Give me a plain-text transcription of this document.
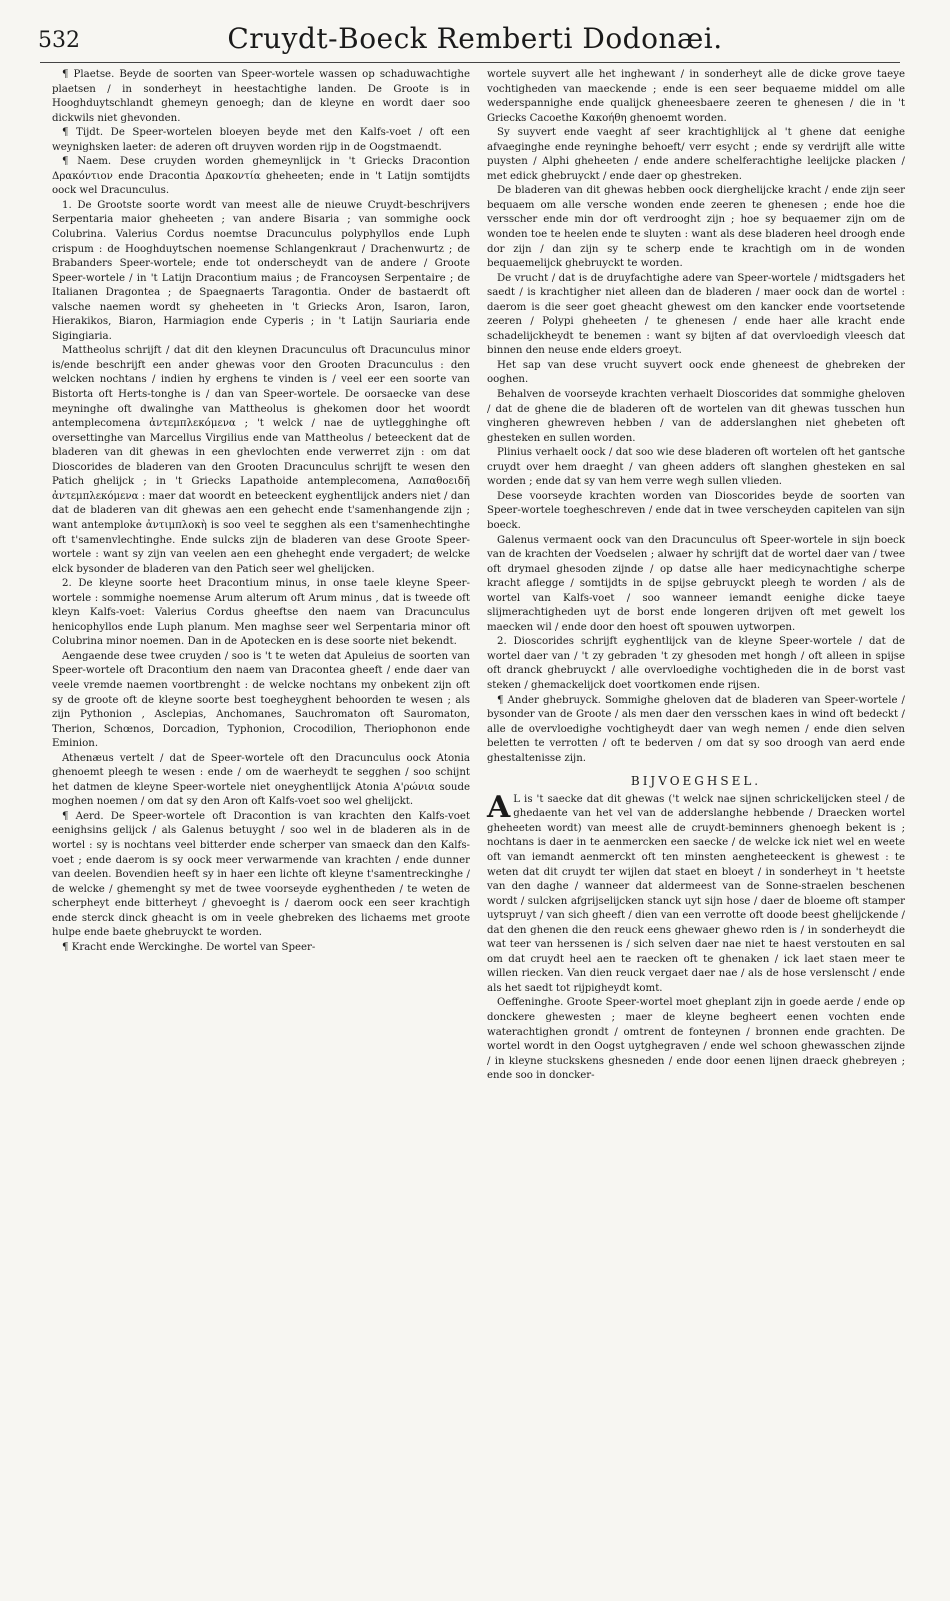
532	Cruydt-Boeck Remberti Dodonæi.

¶ Plaetse. Beyde de soorten van Speer-wortele wassen op schaduwachtighe plaetsen / in sonderheyt in heestachtighe landen. De Groote is in Hooghduytschlandt ghemeyn genoegh; dan de kleyne en wordt daer soo dickwils niet ghevonden.

¶ Tijdt. De Speer-wortelen bloeyen beyde met den Kalfs-voet / oft een weynighsken laeter: de aderen oft druyven worden rijp in de Oogstmaendt.

¶ Naem. Dese cruyden worden ghemeynlijck in 't Griecks Dracontion Δρακόντιον ende Dracontia Δρακοντία gheheeten; ende in 't Latijn somtijdts oock wel Dracunculus.

1. De Grootste soorte wordt van meest alle de nieuwe Cruydt-beschrijvers Serpentaria maior gheheeten ; van andere Bisaria ; van sommighe oock Colubrina. Valerius Cordus noemtse Dracunculus polyphyllos ende Luph crispum : de Hooghduytschen noemense Schlangenkraut / Drachenwurtz ; de Brabanders Speer-wortele; ende tot onderscheydt van de andere / Groote Speer-wortele / in 't Latijn Dracontium maius ; de Francoysen Serpentaire ; de Italianen Dragontea ; de Spaegnaerts Taragontia. Onder de bastaerdt oft valsche naemen wordt sy gheheeten in 't Griecks Aron, Isaron, Iaron, Hierakikos, Biaron, Harmiagion ende Cyperis ; in 't Latijn Sauriaria ende Sigingiaria.

Mattheolus schrijft / dat dit den kleynen Dracunculus oft Dracunculus minor is/ende beschrijft een ander ghewas voor den Grooten Dracunculus : den welcken nochtans / indien hy erghens te vinden is / veel eer een soorte van Bistorta oft Herts-tonghe is / dan van Speer-wortele. De oorsaecke van dese meyninghe oft dwalinghe van Mattheolus is ghekomen door het woordt antemplecomena ἀντεμπλεκόμενα ; 't welck / nae de uytlegghinghe oft oversettinghe van Marcellus Virgilius ende van Mattheolus / beteeckent dat de bladeren van dit ghewas in een ghevlochten ende verwerret zijn : om dat Dioscorides de bladeren van den Grooten Dracunculus schrijft te wesen den Patich ghelijck ; in 't Griecks Lapathoide antemplecomena, Λαπαθοειδῆ ἀντεμπλεκόμενα : maer dat woordt en beteeckent eyghentlijck anders niet / dan dat de bladeren van dit ghewas aen een gehecht ende t'samenhangende zijn ; want antemploke ἀντιμπλοκὴ is soo veel te segghen als een t'samenhechtinghe oft t'samenvlechtinghe. Ende sulcks zijn de bladeren van dese Groote Speer-wortele : want sy zijn van veelen aen een gheheght ende vergadert; de welcke elck bysonder de bladeren van den Patich seer wel ghelijcken.

2. De kleyne soorte heet Dracontium minus, in onse taele kleyne Speer-wortele : sommighe noemense Arum alterum oft Arum minus , dat is tweede oft kleyn Kalfs-voet: Valerius Cordus gheeftse den naem van Dracunculus henicophyllos ende Luph planum. Men maghse seer wel Serpentaria minor oft Colubrina minor noemen. Dan in de Apotecken en is dese soorte niet bekendt.

Aengaende dese twee cruyden / soo is 't te weten dat Apuleius de soorten van Speer-wortele oft Dracontium den naem van Draconteа gheeft / ende daer van veele vremde naemen voortbrenght : de welcke nochtans my onbekent zijn oft sy de groote oft de kleyne soorte best toegheyghent behoorden te wesen ; als zijn Pythonion , Asclepias, Anchomanes, Sauchromaton oft Sauromaton, Therion, Schœnos, Dorcadion, Typhonion, Crocodilion, Theriophonon ende Eminion.

Athenæus vertelt / dat de Speer-wortele oft den Dracunculus oock Atonia ghenoemt pleegh te wesen : ende / om de waerheydt te segghen / soo schijnt het datmen de kleyne Speer-wortele niet oneyghentlijck Atonia Α'ρώνια soude moghen noemen / om dat sy den Aron oft Kalfs-voet soo wel ghelijckt.

¶ Aerd. De Speer-wortele oft Dracontion is van krachten den Kalfs-voet eenighsins gelijck / als Galenus betuyght / soo wel in de bladeren als in de wortel : sy is nochtans veel bitterder ende scherper van smaeck dan den Kalfs-voet ; ende daerom is sy oock meer verwarmende van krachten / ende dunner van deelen. Bovendien heeft sy in haer een lichte oft kleyne t'samentreckinghe / de welcke / ghemenght sy met de twee voorseyde eyghentheden / te weten de scherpheyt ende bitterheyt / ghevoeght is / daerom oock een seer krachtigh ende sterck dinck gheacht is om in veele ghebreken des lichaems met groote hulpe ende baete ghebruyckt te worden.

¶ Kracht ende Werckinghe. De wortel van Speer-

wortele suyvert alle het inghewant / in sonderheyt alle de dicke grove taeye vochtigheden van maeckende ; ende is een seer bequaeme middel om alle wederspannighe ende qualijck gheneesbaere zeeren te ghenesen / die in 't Griecks Cacoethe Κακοήθη ghenoemt worden.

Sy suyvert ende vaeght af seer krachtighlijck al 't ghene dat eenighe afvaeginghe ende reyninghe behoeft/ verr esycht ; ende sy verdrijft alle witte puysten / Alphi gheheeten / ende andere schelferachtighe leelijcke placken / met edick ghebruyckt / ende daer op ghestreken.

De bladeren van dit ghewas hebben oock dierghelijcke kracht / ende zijn seer bequaem om alle versche wonden ende zeeren te ghenesen ; ende hoe die versscher ende min dor oft verdrooght zijn ; hoe sy bequaemer zijn om de wonden toe te heelen ende te sluyten : want als dese bladeren heel droogh ende dor zijn / dan zijn sy te scherp ende te krachtigh om in de wonden bequaemelijck ghebruyckt te worden.

De vrucht / dat is de druyfachtighe adere van Speer-wortele / midtsgaders het saedt / is krachtigher niet alleen dan de bladeren / maer oock dan de wortel : daerom is die seer goet gheacht ghewest om den kancker ende voortsetende zeeren / Polypi gheheeten / te ghenesen / ende haer alle kracht ende schadelijckheydt te benemen : want sy bijten af dat overvloedigh vleesch dat binnen den neuse ende elders groeyt.

Het sap van dese vrucht suyvert oock ende gheneest de ghebreken der ooghen.

Behalven de voorseyde krachten verhaelt Dioscorides dat sommighe gheloven / dat de ghene die de bladeren oft de wortelen van dit ghewas tusschen hun vingheren ghewreven hebben / van de adderslanghen niet ghebeten oft ghesteken en sullen worden.

Plinius verhaelt oock / dat soo wie dese bladeren oft wortelen oft het gantsche cruydt over hem draeght / van gheen adders oft slanghen ghesteken en sal worden ; ende dat sy van hem verre wegh sullen vlieden.

Dese voorseyde krachten worden van Dioscorides beyde de soorten van Speer-wortele toegheschreven / ende dat in twee verscheyden capitelen van sijn boeck.

Galenus vermaent oock van den Dracunculus oft Speer-wortele in sijn boeck van de krachten der Voedselen ; alwaer hy schrijft dat de wortel daer van / twee oft drymael ghesoden zijnde / op datse alle haer medicynachtighe scherpe kracht aflegge / somtijdts in de spijse gebruyckt pleegh te worden / als de wortel van Kalfs-voet / soo wanneer iemandt eenighe dicke taeye slijmerachtigheden uyt de borst ende longeren drijven oft met gewelt los maecken wil / ende door den hoest oft spouwen uytworpen.

2. Dioscorides schrijft eyghentlijck van de kleyne Speer-wortele / dat de wortel daer van / 't zy gebraden 't zy ghesoden met hongh / oft alleen in spijse oft dranck ghebruyckt / alle overvloedighe vochtigheden die in de borst vast steken / ghemackelijck doet voortkomen ende rijsen.

¶ Ander ghebruyck. Sommighe gheloven dat de bladeren van Speer-wortele / bysonder van de Groote / als men daer den versschen kaes in wind oft bedeckt / alle de overvloedighe vochtigheydt daer van wegh nemen / ende dien selven beletten te verrotten / oft te bederven / om dat sy soo droogh van aerd ende ghestaltenisse zijn.

BIJVOEGHSEL.

A L is 't saecke dat dit ghewas ('t welck nae sijnen schrickelijcken steel / de ghedaente van het vel van de adderslanghe hebbende / Draecken wortel gheheeten wordt) van meest alle de cruydt-beminners ghenoegh bekent is ; nochtans is daer in te aenmercken een saecke / de welcke ick niet wel en weete oft van iemandt aenmerckt oft ten minsten aengheteeckent is ghewest : te weten dat dit cruydt ter wijlen dat staet en bloeyt / in sonderheyt in 't heetste van den daghe / wanneer dat aldermeest van de Sonne-straelen beschenen wordt / sulcken afgrijselijcken stanck uyt sijn hose / daer de bloeme oft stamper uytspruyt / van sich gheeft / dien van een verrotte oft doode beest ghelijckende / dat den ghenen die den reuck eens ghewaer ghewo rden is / in sonderheydt die wat teer van herssenen is / sich selven daer nae niet te haest verstouten en sal om dat cruydt heel aen te raecken oft te ghenaken / ick laet staen meer te willen riecken. Van dien reuck vergaet daer nae / als de hose verslenscht / ende als het saedt tot rijpigheydt komt.

Oeffeninghe. Groote Speer-wortel moet gheplant zijn in goede aerde / ende op donckere ghewesten ; maer de kleyne begheert eenen vochten ende waterachtighen grondt / omtrent de fonteynen / bronnen ende grachten. De wortel wordt in den Oogst uytghegraven / ende wel schoon ghewasschen zijnde / in kleyne stuckskens ghesneden / ende door eenen lijnen draeck ghebreyen ; ende soo in doncker-
